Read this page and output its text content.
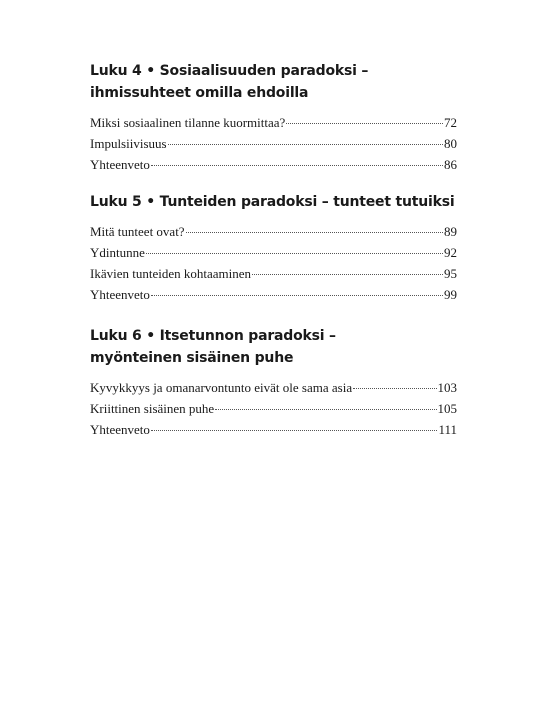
Luku 4 • Sosiaalisuuden paradoksi –
ihmissuhteet omilla ehdoilla
Miksi sosiaalinen tilanne kuormittaa?	72
Impulsiivisuus	80
Yhteenveto	86
Luku 5 • Tunteiden paradoksi – tunteet tutuiksi
Mitä tunteet ovat?	89
Ydintunne	92
Ikävien tunteiden kohtaaminen	95
Yhteenveto	99
Luku 6 • Itsetunnon paradoksi –
myönteinen sisäinen puhe
Kyvykkyys ja omanarvontunto eivät ole sama asia	103
Kriittinen sisäinen puhe	105
Yhteenveto	111
